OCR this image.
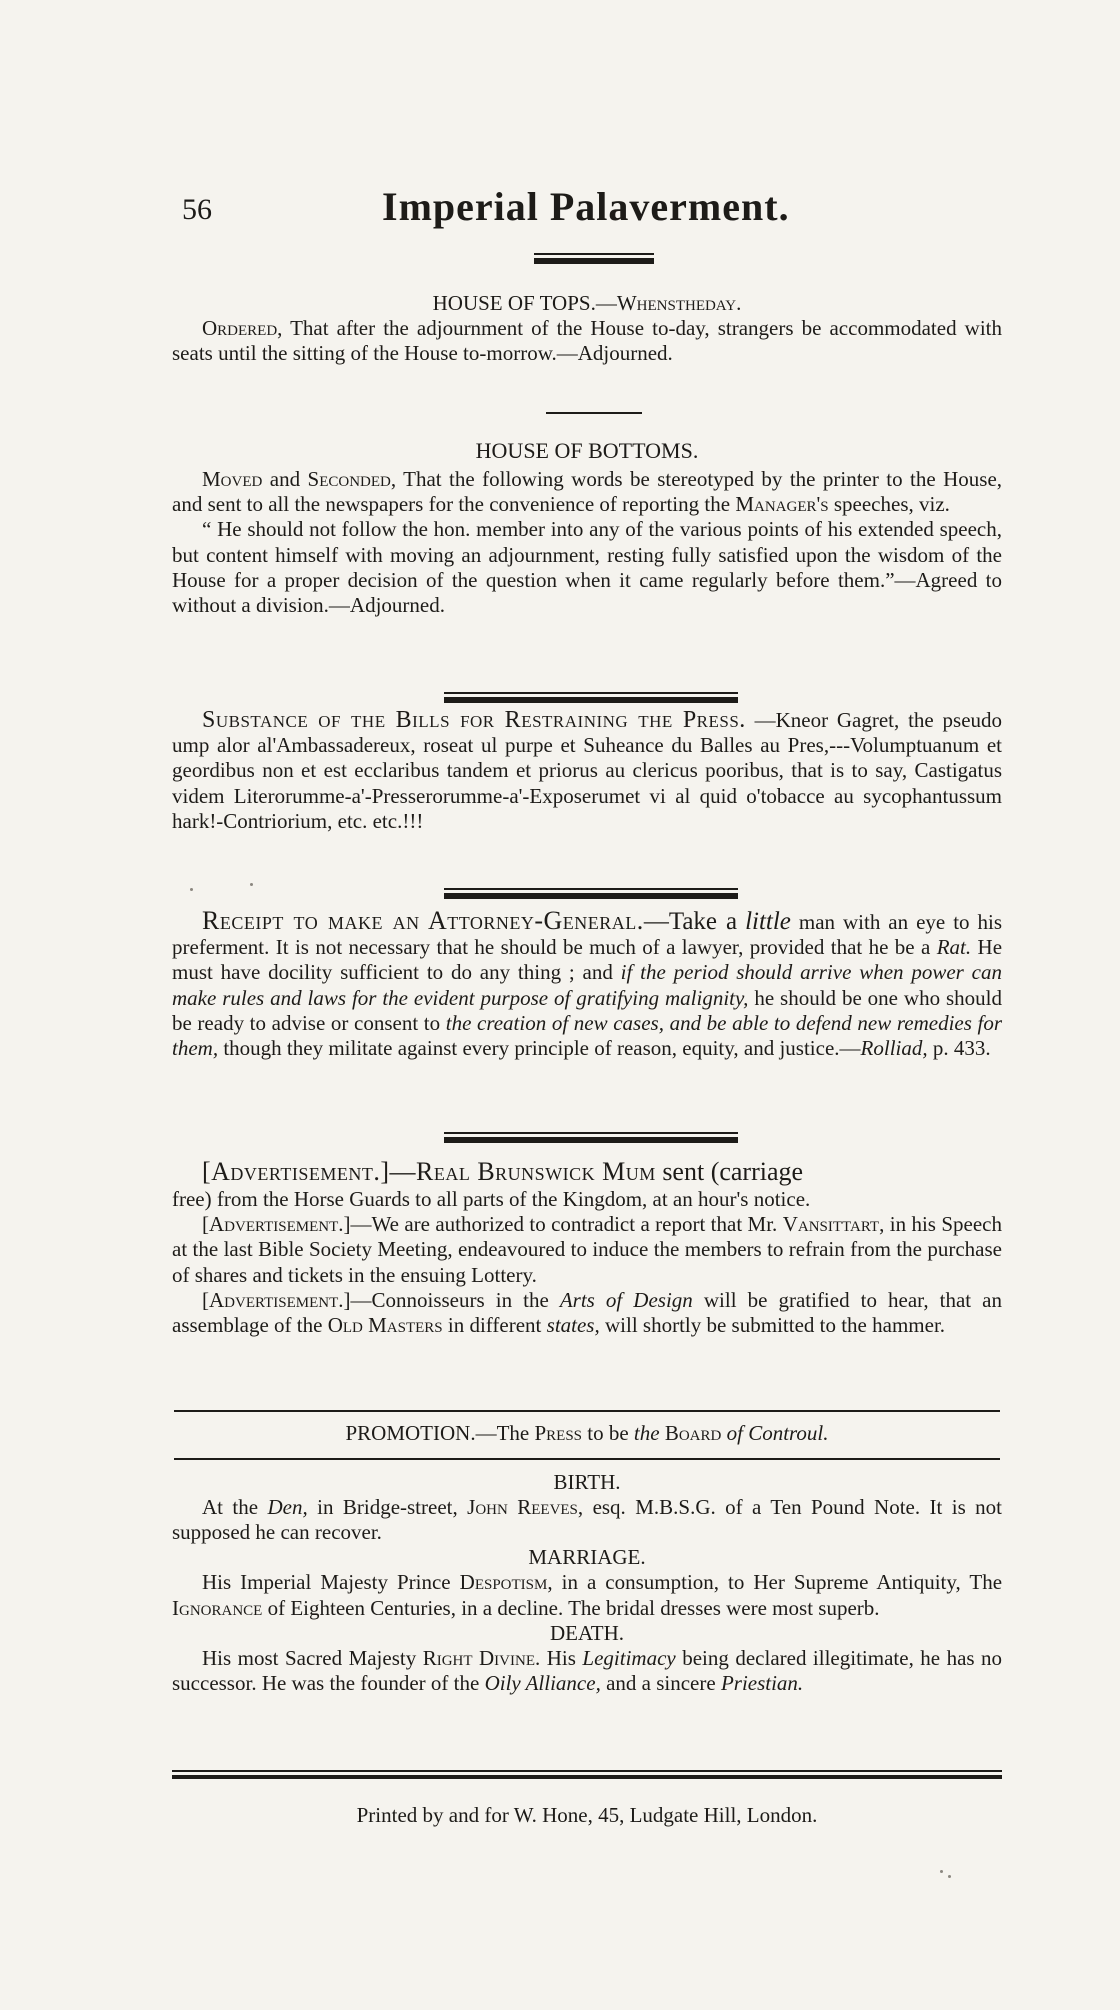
56	Imperial Palaverment.

HOUSE OF TOPS.—Whenstheday.

Ordered, That after the adjournment of the House to-day, strangers be accommodated with seats until the sitting of the House to-morrow.—Adjourned.

HOUSE OF BOTTOMS.

Moved and Seconded, That the following words be stereotyped by the printer to the House, and sent to all the newspapers for the convenience of reporting the Manager's speeches, viz.

“ He should not follow the hon. member into any of the various points of his extended speech, but content himself with moving an adjournment, resting fully satisfied upon the wisdom of the House for a proper decision of the question when it came regularly before them.”—Agreed to without a division.—Adjourned.

Substance of the Bills for Restraining the Press. —Kneor Gagret, the pseudo ump alor al'Ambassadereux, roseat ul purpe et Suheance du Balles au Pres,---Volumptuanum et geordibus non et est ecclaribus tandem et priorus au clericus pooribus, that is to say, Castigatus videm Literorumme-a'-Presserorumme-a'-Exposerumet vi al quid o'tobacce au sycophantussum hark!-Contriorium, etc. etc.!!!

Receipt to make an Attorney-General.—Take a little man with an eye to his preferment. It is not necessary that he should be much of a lawyer, provided that he be a Rat. He must have docility sufficient to do any thing ; and if the period should arrive when power can make rules and laws for the evident purpose of gratifying malignity, he should be one who should be ready to advise or consent to the creation of new cases, and be able to defend new remedies for them, though they militate against every principle of reason, equity, and justice.—Rolliad, p. 433.

[Advertisement.]—Real Brunswick Mum sent (carriage

free) from the Horse Guards to all parts of the Kingdom, at an hour's notice.

[Advertisement.]—We are authorized to contradict a report that Mr. Vansittart, in his Speech at the last Bible Society Meeting, endeavoured to induce the members to refrain from the purchase of shares and tickets in the ensuing Lottery.

[Advertisement.]—Connoisseurs in the Arts of Design will be gratified to hear, that an assemblage of the Old Masters in different states, will shortly be submitted to the hammer.

PROMOTION.—The Press to be the Board of Controul.

BIRTH.

At the Den, in Bridge-street, John Reeves, esq. M.B.S.G. of a Ten Pound Note. It is not supposed he can recover.

MARRIAGE.

His Imperial Majesty Prince Despotism, in a consumption, to Her Supreme Antiquity, The Ignorance of Eighteen Centuries, in a decline. The bridal dresses were most superb.

DEATH.

His most Sacred Majesty Right Divine. His Legitimacy being declared illegitimate, he has no successor. He was the founder of the Oily Alliance, and a sincere Priestian.

Printed by and for W. Hone, 45, Ludgate Hill, London.
